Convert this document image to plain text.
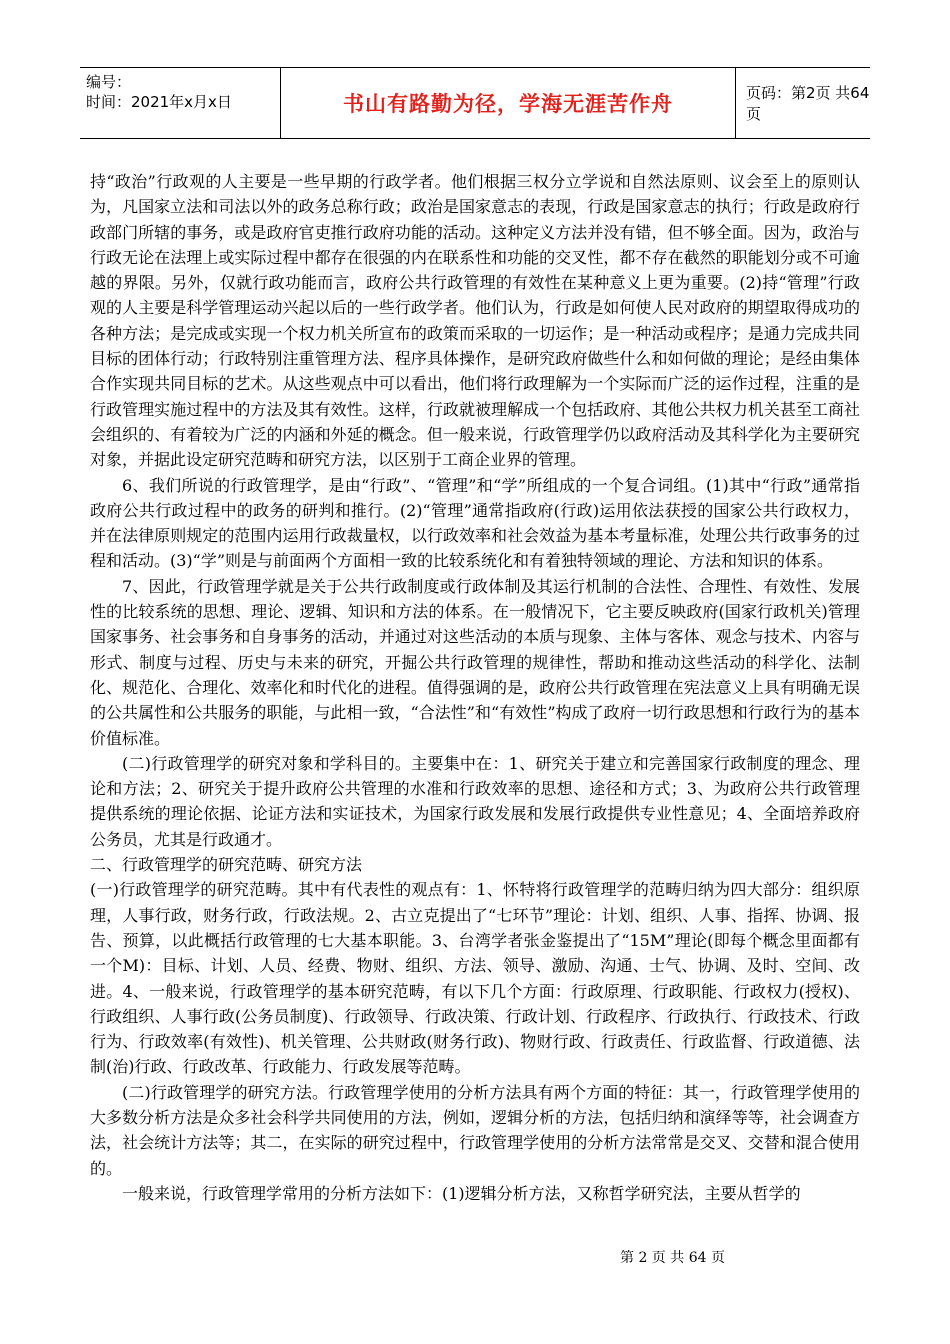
编号：
时间：2021年x月x日	书山有路勤为径，学海无涯苦作舟	页码：第2页 共64页

持“政治”行政观的人主要是一些早期的行政学者。他们根据三权分立学说和自然法原则、议会至上的原则认为，凡国家立法和司法以外的政务总称行政；政治是国家意志的表现，行政是国家意志的执行；行政是政府行政部门所辖的事务，或是政府官吏推行政府功能的活动。这种定义方法并没有错，但不够全面。因为，政治与行政无论在法理上或实际过程中都存在很强的内在联系性和功能的交叉性，都不存在截然的职能划分或不可逾越的界限。另外，仅就行政功能而言，政府公共行政管理的有效性在某种意义上更为重要。(2)持“管理”行政观的人主要是科学管理运动兴起以后的一些行政学者。他们认为，行政是如何使人民对政府的期望取得成功的各种方法；是完成或实现一个权力机关所宣布的政策而采取的一切运作；是一种活动或程序；是通力完成共同目标的团体行动；行政特别注重管理方法、程序具体操作，是研究政府做些什么和如何做的理论；是经由集体合作实现共同目标的艺术。从这些观点中可以看出，他们将行政理解为一个实际而广泛的运作过程，注重的是行政管理实施过程中的方法及其有效性。这样，行政就被理解成一个包括政府、其他公共权力机关甚至工商社会组织的、有着较为广泛的内涵和外延的概念。但一般来说，行政管理学仍以政府活动及其科学化为主要研究对象，并据此设定研究范畴和研究方法，以区别于工商企业界的管理。

6、我们所说的行政管理学，是由“行政”、“管理”和“学”所组成的一个复合词组。(1)其中“行政”通常指政府公共行政过程中的政务的研判和推行。(2)“管理”通常指政府(行政)运用依法获授的国家公共行政权力，并在法律原则规定的范围内运用行政裁量权，以行政效率和社会效益为基本考量标准，处理公共行政事务的过程和活动。(3)“学”则是与前面两个方面相一致的比较系统化和有着独特领域的理论、方法和知识的体系。

7、因此，行政管理学就是关于公共行政制度或行政体制及其运行机制的合法性、合理性、有效性、发展性的比较系统的思想、理论、逻辑、知识和方法的体系。在一般情况下，它主要反映政府(国家行政机关)管理国家事务、社会事务和自身事务的活动，并通过对这些活动的本质与现象、主体与客体、观念与技术、内容与形式、制度与过程、历史与未来的研究，开掘公共行政管理的规律性，帮助和推动这些活动的科学化、法制化、规范化、合理化、效率化和时代化的进程。值得强调的是，政府公共行政管理在宪法意义上具有明确无误的公共属性和公共服务的职能，与此相一致，“合法性”和“有效性”构成了政府一切行政思想和行政行为的基本价值标准。

(二)行政管理学的研究对象和学科目的。主要集中在：1、研究关于建立和完善国家行政制度的理念、理论和方法；2、研究关于提升政府公共管理的水准和行政效率的思想、途径和方式；3、为政府公共行政管理提供系统的理论依据、论证方法和实证技术，为国家行政发展和发展行政提供专业性意见；4、全面培养政府公务员，尤其是行政通才。

二、行政管理学的研究范畴、研究方法

(一)行政管理学的研究范畴。其中有代表性的观点有：1、怀特将行政管理学的范畴归纳为四大部分：组织原理，人事行政，财务行政，行政法规。2、古立克提出了“七环节”理论：计划、组织、人事、指挥、协调、报告、预算，以此概括行政管理的七大基本职能。3、台湾学者张金鉴提出了“15M”理论(即每个概念里面都有一个M)：目标、计划、人员、经费、物财、组织、方法、领导、激励、沟通、士气、协调、及时、空间、改进。4、一般来说，行政管理学的基本研究范畴，有以下几个方面：行政原理、行政职能、行政权力(授权)、行政组织、人事行政(公务员制度)、行政领导、行政决策、行政计划、行政程序、行政执行、行政技术、行政行为、行政效率(有效性)、机关管理、公共财政(财务行政)、物财行政、行政责任、行政监督、行政道德、法制(治)行政、行政改革、行政能力、行政发展等范畴。

(二)行政管理学的研究方法。行政管理学使用的分析方法具有两个方面的特征：其一，行政管理学使用的大多数分析方法是众多社会科学共同使用的方法，例如，逻辑分析的方法，包括归纳和演绎等等，社会调查方法，社会统计方法等；其二，在实际的研究过程中，行政管理学使用的分析方法常常是交叉、交替和混合使用的。

一般来说，行政管理学常用的分析方法如下：(1)逻辑分析方法，又称哲学研究法，主要从哲学的

第 2 页 共 64 页
